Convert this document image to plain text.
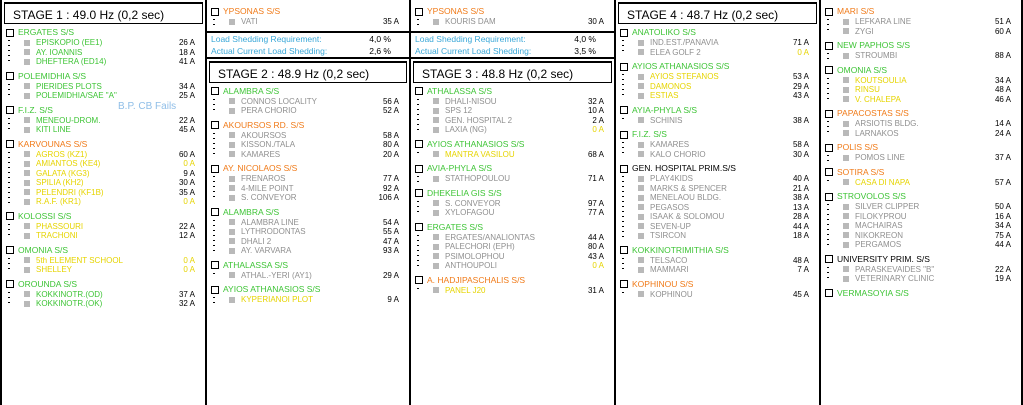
STAGE 1 : 49.0 Hz (0,2 sec)
ERGATES S/S
EPISKOPIO (EE1)	26 A
AY. IOANNIS	18 A
DHEFTERA (ED14)	41 A
POLEMIDHIA S/S
PIERIDES PLOTS	34 A
POLEMIDHIA/SAE "A"	25 A
F.I.Z. S/S
MENEOU-DROM.	22 A
KITI LINE	45 A
KARVOUNAS S/S
AGROS (KZ1)	60 A
AMIANTOS (KE4)	0 A
GALATA (KG3)	9 A
SPILIA (KH2)	30 A
PELENDRI (KF1B)	35 A
R.A.F. (KR1)	0 A
KOLOSSI S/S
PHASSOURI	22 A
TRACHONI	12 A
OMONIA S/S
5th ELEMENT SCHOOL	0 A
SHELLEY	0 A
OROUNDA S/S
KOKKINOTR.(OD)	37 A
KOKKINOTR.(OK)	32 A
YPSONAS S/S
VATI	35 A
Load Shedding Requirement:	4,0 %
Actual Current Load Shedding:	2,6 %
STAGE 2 : 48.9 Hz (0,2 sec)
ALAMBRA S/S
CONNOS LOCALITY	56 A
PERA CHORIO	52 A
AKOURSOS RD. S/S
AKOURSOS	58 A
KISSON./TALA	80 A
KAMARES	20 A
AY. NICOLAOS S/S
FRENAROS	77 A
4-MILE POINT	92 A
S. CONVEYOR	106 A
ALAMBRA S/S
ALAMBRA LINE	54 A
LYTHRODONTAS	55 A
DHALI 2	47 A
AY. VARVARA	93 A
ATHALASSA S/S
ATHAL.-YERI (AY1)	29 A
AYIOS ATHANASIOS S/S
KYPERIANOI PLOT	9 A
YPSONAS S/S
KOURIS DAM	30 A
Load Shedding Requirement:	4,0 %
Actual Current Load Shedding:	3,5 %
STAGE 3 : 48.8 Hz (0,2 sec)
ATHALASSA S/S
DHALI-NISOU	32 A
SPS 12	10 A
GEN. HOSPITAL 2	2 A
LAXIA (NG)	0 A
AYIOS ATHANASIOS S/S
MANTRA VASILOU	68 A
AVIA-PHYLA S/S
STATHOPOULOU	71 A
DHEKELIA GIS S/S
S. CONVEYOR	97 A
XYLOFAGOU	77 A
ERGATES S/S
ERGATES/ANALIONTAS	44 A
PALECHORI (EPH)	80 A
PSIMOLOPHOU	43 A
ANTHOUPOLI	0 A
A. HADJIPASCHALIS S/S
PANEL J20	31 A
STAGE 4 : 48.7 Hz (0,2 sec)
ANATOLIKO S/S
IND.EST./PANAVIA	71 A
ELEA GOLF 2	0 A
AYIOS ATHANASIOS S/S
AYIOS STEFANOS	53 A
DAMONOS	29 A
ESTIAS	43 A
AYIA-PHYLA S/S
SCHINIS	38 A
F.I.Z. S/S
KAMARES	58 A
KALO CHORIO	30 A
GEN. HOSPITAL PRIM.S/S
PLAY4KIDS	40 A
MARKS & SPENCER	21 A
MENELAOU BLDG.	38 A
PEGASOS	13 A
ISAAK & SOLOMOU	28 A
SEVEN-UP	44 A
TSIRCON	18 A
KOKKINOTRIMITHIA S/S
TELSACO	48 A
MAMMARI	7 A
KOPHINOU S/S
KOPHINOU	45 A
MARI S/S
LEFKARA LINE	51 A
ZYGI	60 A
NEW PAPHOS S/S
STROUMBI	88 A
OMONIA S/S
KOUTSOULIA	34 A
RINSU	48 A
V. CHALEPA	46 A
PAPACOSTAS S/S
ARSIOTIS BLDG.	14 A
LARNAKOS	24 A
POLIS S/S
POMOS LINE	37 A
SOTIRA S/S
CASA DI NAPA	57 A
STROVOLOS S/S
SILVER CLIPPER	50 A
FILOKYPROU	16 A
MACHAIRAS	34 A
NIKOKREON	75 A
PERGAMOS	44 A
UNIVERSITY PRIM. S/S
PARASKEVAIDES "B"	22 A
VETERINARY CLINIC	19 A
VERMASOYIA S/S
B.P. CB Fails
